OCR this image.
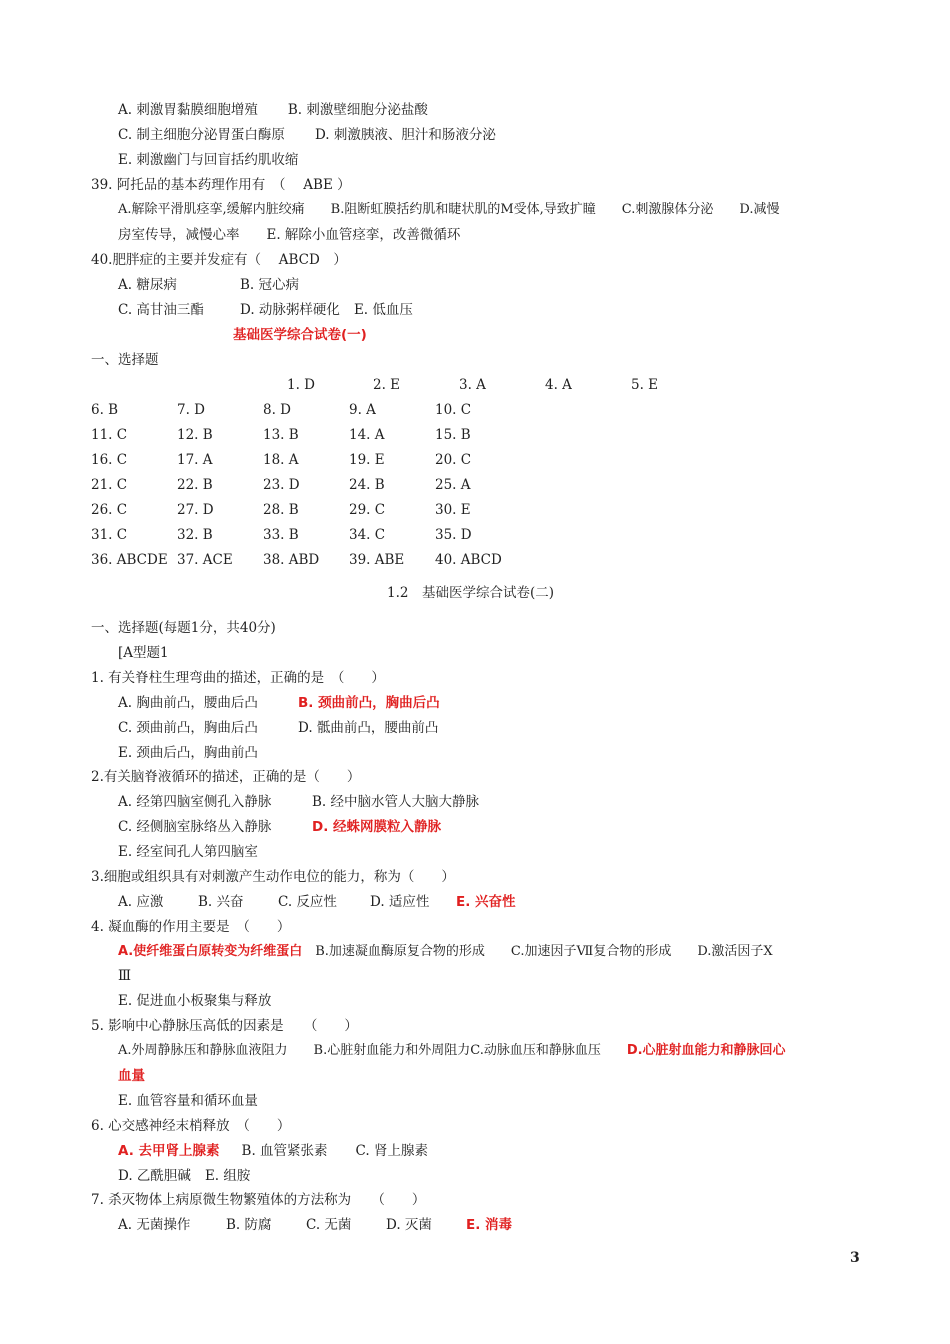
A. 刺激胃黏膜细胞增殖 B. 刺激壁细胞分泌盐酸
C. 制主细胞分泌胃蛋白酶原 D. 刺激胰液、胆汁和肠液分泌
E. 刺激幽门与回盲括约肌收缩
39. 阿托品的基本药理作用有　（　 ABE ）
A.解除平滑肌痉挛,缓解内脏绞痛　　B.阻断虹膜括约肌和睫状肌的M受体,导致扩瞳　　C.刺激腺体分泌　　D.减慢
房室传导，减慢心率　　E. 解除小血管痉挛，改善微循环
40.肥胖症的主要并发症有（　 ABCD　）
A. 糖尿病	B. 冠心病
C. 高甘油三酯	D. 动脉粥样硬化 E. 低血压
基础医学综合试卷(一)
一、选择题
1. D	2. E	3. A	4. A	5. E
6. B	7. D	8. D	9. A	10. C
11. C	12. B	13. B	14. A	15. B
16. C	17. A	18. A	19. E	20. C
21. C	22. B	23. D	24. B	25. A
26. C	27. D	28. B	29. C	30. E
31. C	32. B	33. B	34. C	35. D
36. ABCDE 37. ACE 38. ABD 39. ABE 40. ABCD
1.2　基础医学综合试卷(二)
一、选择题(每题1分，共40分)
[A型题1
1. 有关脊柱生理弯曲的描述，正确的是　（　　）
A. 胸曲前凸，腰曲后凸	B. 颈曲前凸，胸曲后凸
C. 颈曲前凸，胸曲后凸	D. 骶曲前凸，腰曲前凸
E. 颈曲后凸，胸曲前凸
2.有关脑脊液循环的描述，正确的是（　　）
A. 经第四脑室侧孔入静脉	B. 经中脑水管人大脑大静脉
C. 经侧脑室脉络丛入静脉	D. 经蛛网膜粒入静脉
E. 经室间孔人第四脑室
3.细胞或组织具有对刺激产生动作电位的能力，称为（　　）
A. 应激	B. 兴奋	C. 反应性 D. 适应性 E. 兴奋性
4. 凝血酶的作用主要是　（　　）
A.使纤维蛋白原转变为纤维蛋白　B.加速凝血酶原复合物的形成　　C.加速因子Ⅶ复合物的形成　　D.激活因子Ⅹ
Ⅲ
E. 促进血小板聚集与释放
5. 影响中心静脉压高低的因素是　　（　　）
A.外周静脉压和静脉血液阻力　　B.心脏射血能力和外周阻力C.动脉血压和静脉血压　　D.心脏射血能力和静脉回心
血量
E. 血管容量和循环血量
6. 心交感神经末梢释放　（　　）
A. 去甲肾上腺素 B. 血管紧张素 C. 肾上腺素
D. 乙酰胆碱 E. 组胺
7. 杀灭物体上病原微生物繁殖体的方法称为　　（　　）
A. 无菌操作	B. 防腐	C. 无菌	D. 灭菌	E. 消毒
3
